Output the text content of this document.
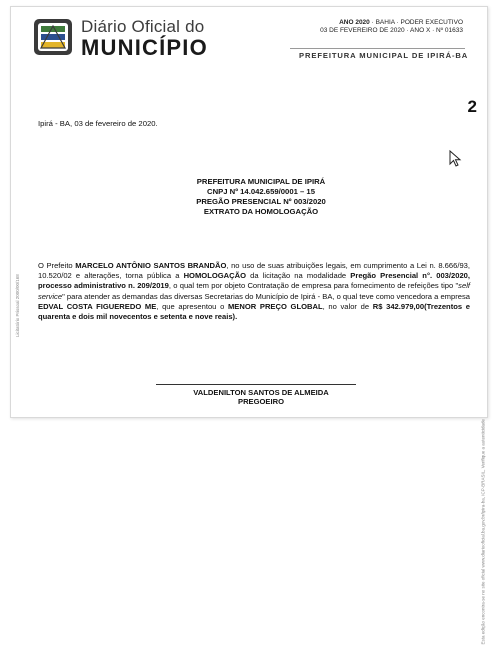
Diário Oficial do
MUNICÍPIO
ANO 2020 · BAHIA · PODER EXECUTIVO
03 DE FEVEREIRO DE 2020 · ANO X · Nº 01633
PREFEITURA MUNICIPAL DE IPIRÁ-BA
2
Licitatório Prissoal 2000/00/168
Esta edição encontra-se no site oficial www.diariooficial.ba.gov.br/ipira-ba, ICP-BRASIL, Verifique a autenticidade
Ipirá - BA, 03 de fevereiro de 2020.
PREFEITURA MUNICIPAL DE IPIRÁ
CNPJ Nº 14.042.659/0001 – 15
PREGÃO PRESENCIAL Nº 003/2020
EXTRATO DA HOMOLOGAÇÃO

O Prefeito MARCELO ANTÔNIO SANTOS BRANDÃO, no uso de suas atribuições legais, em cumprimento a Lei n. 8.666/93, 10.520/02 e alterações, torna pública a HOMOLOGAÇÃO da licitação na modalidade Pregão Presencial n°. 003/2020, processo administrativo n. 209/2019, o qual tem por objeto Contratação de empresa para fornecimento de refeições tipo "self service" para atender as demandas das diversas Secretarias do Município de Ipirá - BA, o qual teve como vencedora a empresa EDVAL COSTA FIGUEREDO ME, que apresentou o MENOR PREÇO GLOBAL, no valor de R$ 342.979,00(Trezentos e quarenta e dois mil novecentos e setenta e nove reais).

VALDENILTON SANTOS DE ALMEIDA
PREGOEIRO
